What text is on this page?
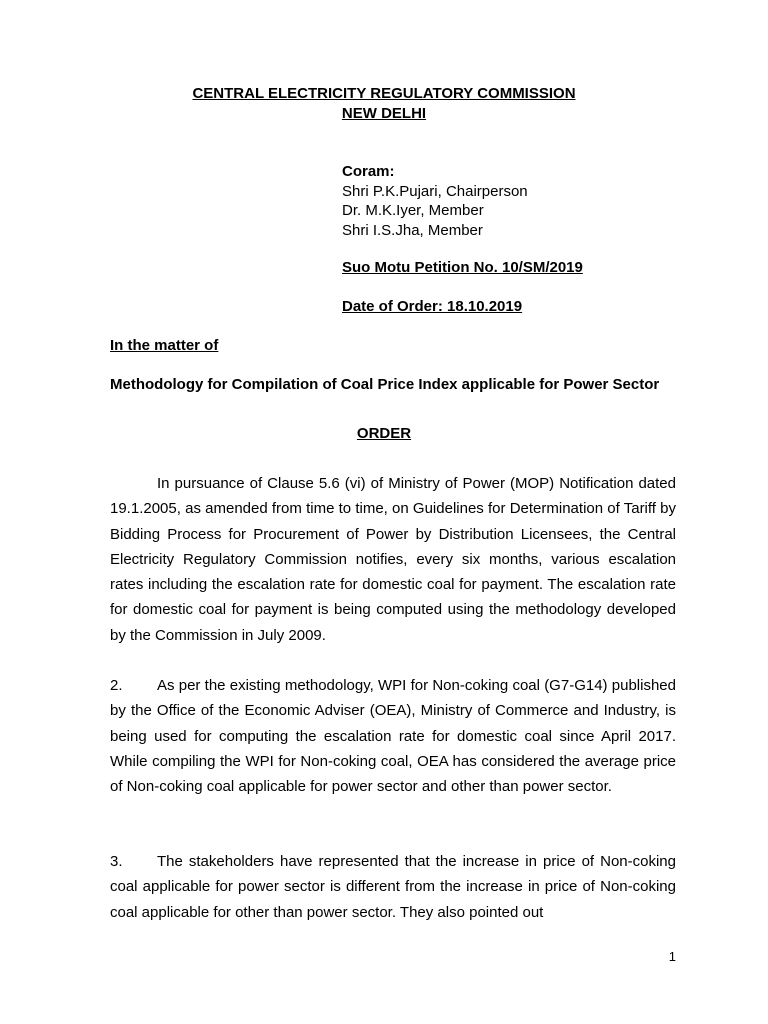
CENTRAL ELECTRICITY REGULATORY COMMISSION
NEW DELHI
Coram:
Shri P.K.Pujari, Chairperson
Dr. M.K.Iyer, Member
Shri I.S.Jha, Member
Suo Motu Petition No. 10/SM/2019
Date of Order: 18.10.2019
In the matter of
Methodology for Compilation of Coal Price Index applicable for Power Sector
ORDER
In pursuance of Clause 5.6 (vi) of Ministry of Power (MOP) Notification dated 19.1.2005, as amended from time to time, on Guidelines for Determination of Tariff by Bidding Process for Procurement of Power by Distribution Licensees, the Central Electricity Regulatory Commission notifies, every six months, various escalation rates including the escalation rate for domestic coal for payment. The escalation rate for domestic coal for payment is being computed using the methodology developed by the Commission in July 2009.
2. As per the existing methodology, WPI for Non-coking coal (G7-G14) published by the Office of the Economic Adviser (OEA), Ministry of Commerce and Industry, is being used for computing the escalation rate for domestic coal since April 2017. While compiling the WPI for Non-coking coal, OEA has considered the average price of Non-coking coal applicable for power sector and other than power sector.
3. The stakeholders have represented that the increase in price of Non-coking coal applicable for power sector is different from the increase in price of Non-coking coal applicable for other than power sector. They also pointed out
1
